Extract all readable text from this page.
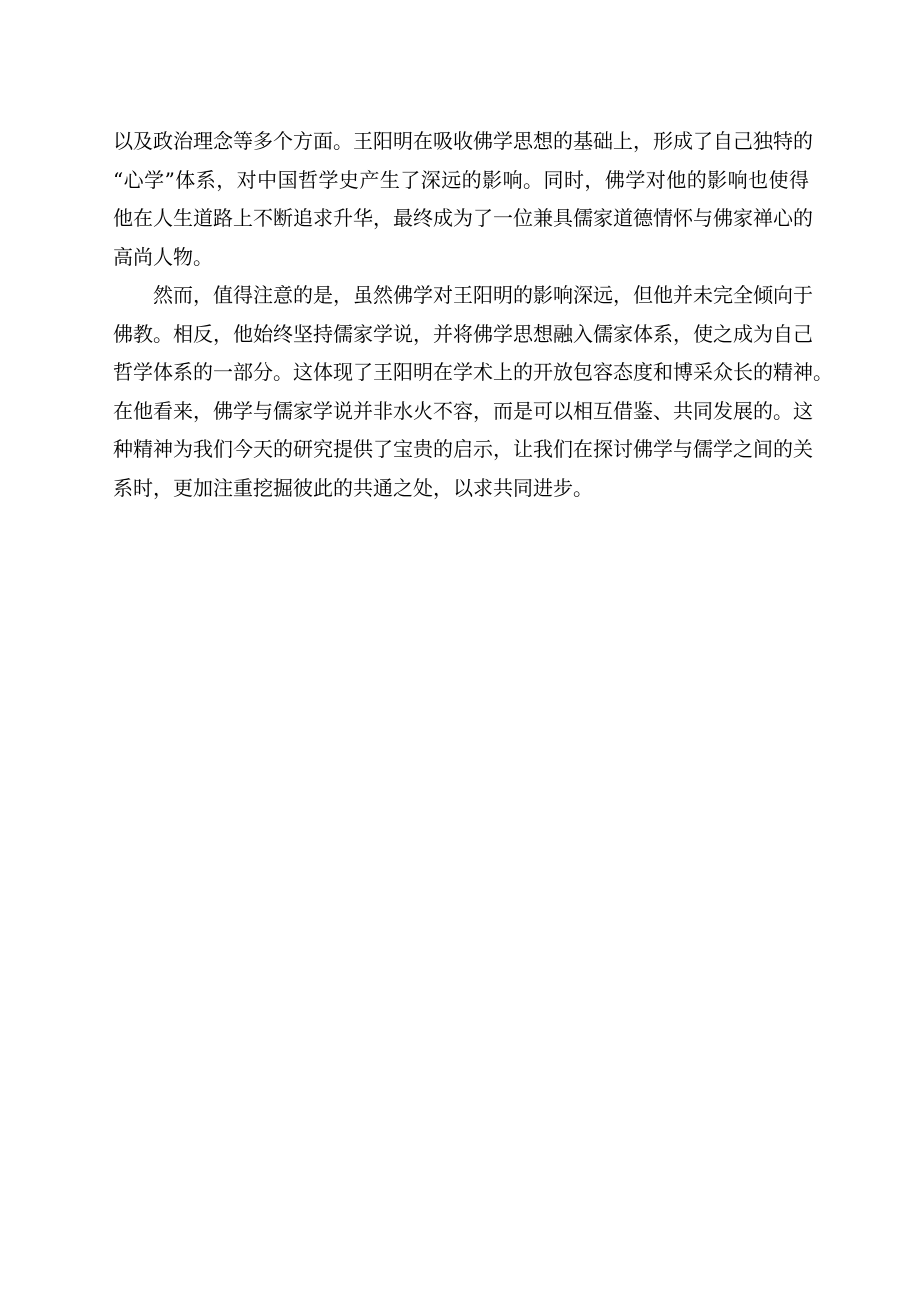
以及政治理念等多个方面。王阳明在吸收佛学思想的基础上，形成了自己独特的
“心学”体系，对中国哲学史产生了深远的影响。同时，佛学对他的影响也使得
他在人生道路上不断追求升华，最终成为了一位兼具儒家道德情怀与佛家禅心的
高尚人物。
然而，值得注意的是，虽然佛学对王阳明的影响深远，但他并未完全倾向于
佛教。相反，他始终坚持儒家学说，并将佛学思想融入儒家体系，使之成为自己
哲学体系的一部分。这体现了王阳明在学术上的开放包容态度和博采众长的精神。
在他看来，佛学与儒家学说并非水火不容，而是可以相互借鉴、共同发展的。这
种精神为我们今天的研究提供了宝贵的启示，让我们在探讨佛学与儒学之间的关
系时，更加注重挖掘彼此的共通之处，以求共同进步。
